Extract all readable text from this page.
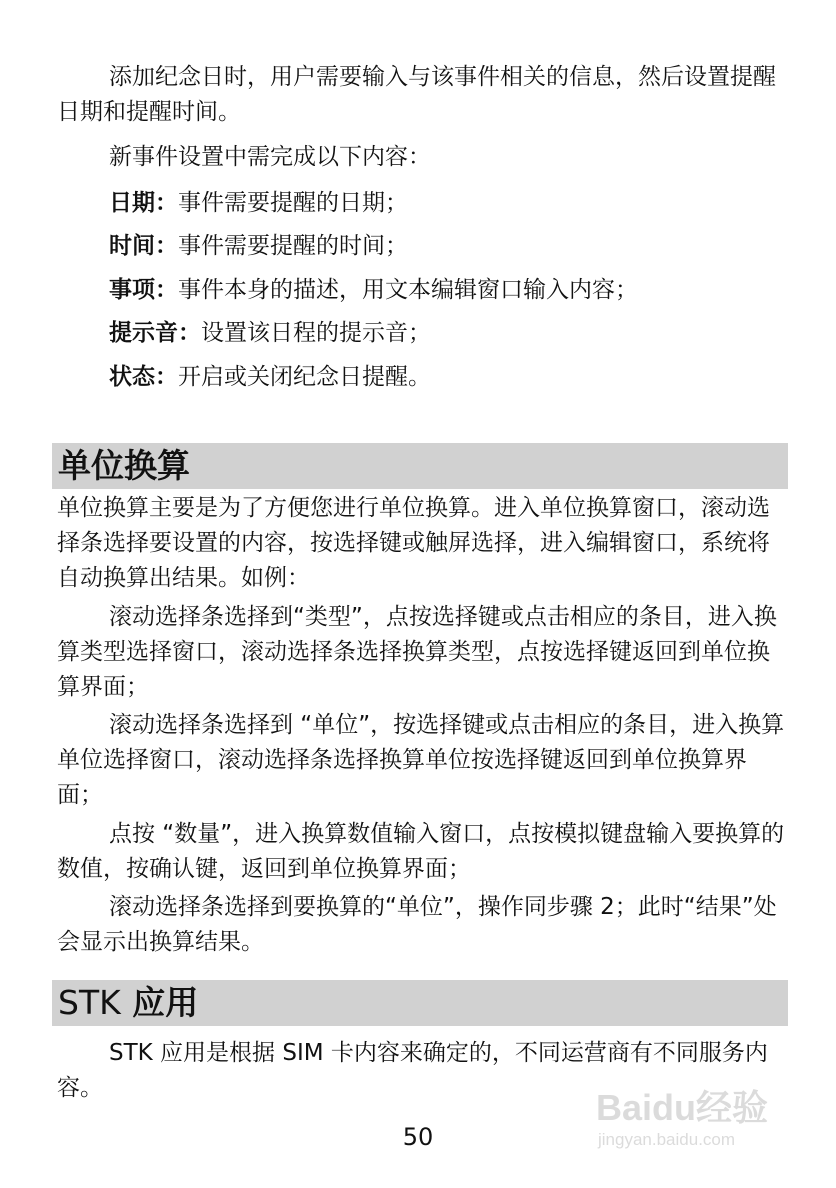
添加纪念日时，用户需要输入与该事件相关的信息，然后设置提醒日期和提醒时间。

新事件设置中需完成以下内容：

日期：事件需要提醒的日期；

时间：事件需要提醒的时间；

事项：事件本身的描述，用文本编辑窗口输入内容；

提示音：设置该日程的提示音；

状态：开启或关闭纪念日提醒。

单位换算

单位换算主要是为了方便您进行单位换算。进入单位换算窗口，滚动选择条选择要设置的内容，按选择键或触屏选择，进入编辑窗口，系统将自动换算出结果。如例：

滚动选择条选择到“类型”，点按选择键或点击相应的条目，进入换算类型选择窗口，滚动选择条选择换算类型，点按选择键返回到单位换算界面；

滚动选择条选择到 “单位”，按选择键或点击相应的条目，进入换算单位选择窗口，滚动选择条选择换算单位按选择键返回到单位换算界面；

点按 “数量”，进入换算数值输入窗口，点按模拟键盘输入要换算的数值，按确认键，返回到单位换算界面；

滚动选择条选择到要换算的“单位”，操作同步骤 2；此时“结果”处会显示出换算结果。

STK 应用

STK 应用是根据 SIM 卡内容来确定的，不同运营商有不同服务内容。

50
Baidu经验
jingyan.baidu.com
